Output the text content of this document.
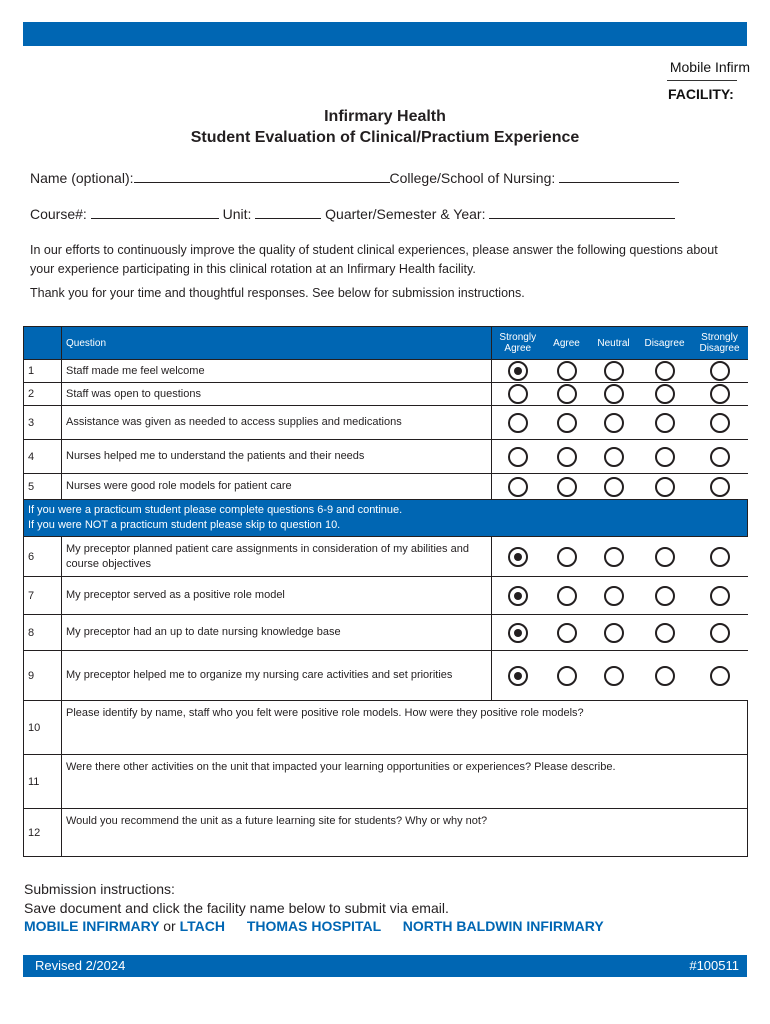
Mobile Infirm
FACILITY:
Infirmary Health
Student Evaluation of Clinical/Practium Experience
Name (optional):	College/School of Nursing:
Course#:	Unit:	Quarter/Semester & Year:
In our efforts to continuously improve the quality of student clinical experiences, please answer the following questions about your experience participating in this clinical rotation at an Infirmary Health facility.
Thank you for your time and thoughtful responses. See below for submission instructions.
	Question	Strongly Agree	Agree	Neutral	Disagree	Strongly Disagree
1	Staff made me feel welcome					
2	Staff was open to questions					
3	Assistance was given as needed to access supplies and medications					
4	Nurses helped me to understand the patients and their needs					
5	Nurses were good role models for patient care					

If you were a practicum student please complete questions 6-9 and continue.
If you were NOT a practicum student please skip to question 10.						

6	My preceptor planned patient care assignments in consideration of my abilities and course objectives					
7	My preceptor served as a positive role model					
8	My preceptor had an up to date nursing knowledge base					
9	My preceptor helped me to organize my nursing care activities and set priorities					
10	Please identify by name, staff who you felt were positive role models. How were they positive role models?					
11	Were there other activities on the unit that impacted your learning opportunities or experiences? Please describe.					
12	Would you recommend the unit as a future learning site for students? Why or why not?					
Submission instructions:
Save document and click the facility name below to submit via email.
MOBILE INFIRMARY or LTACH THOMAS HOSPITAL NORTH BALDWIN INFIRMARY
Revised 2/2024	#100511
